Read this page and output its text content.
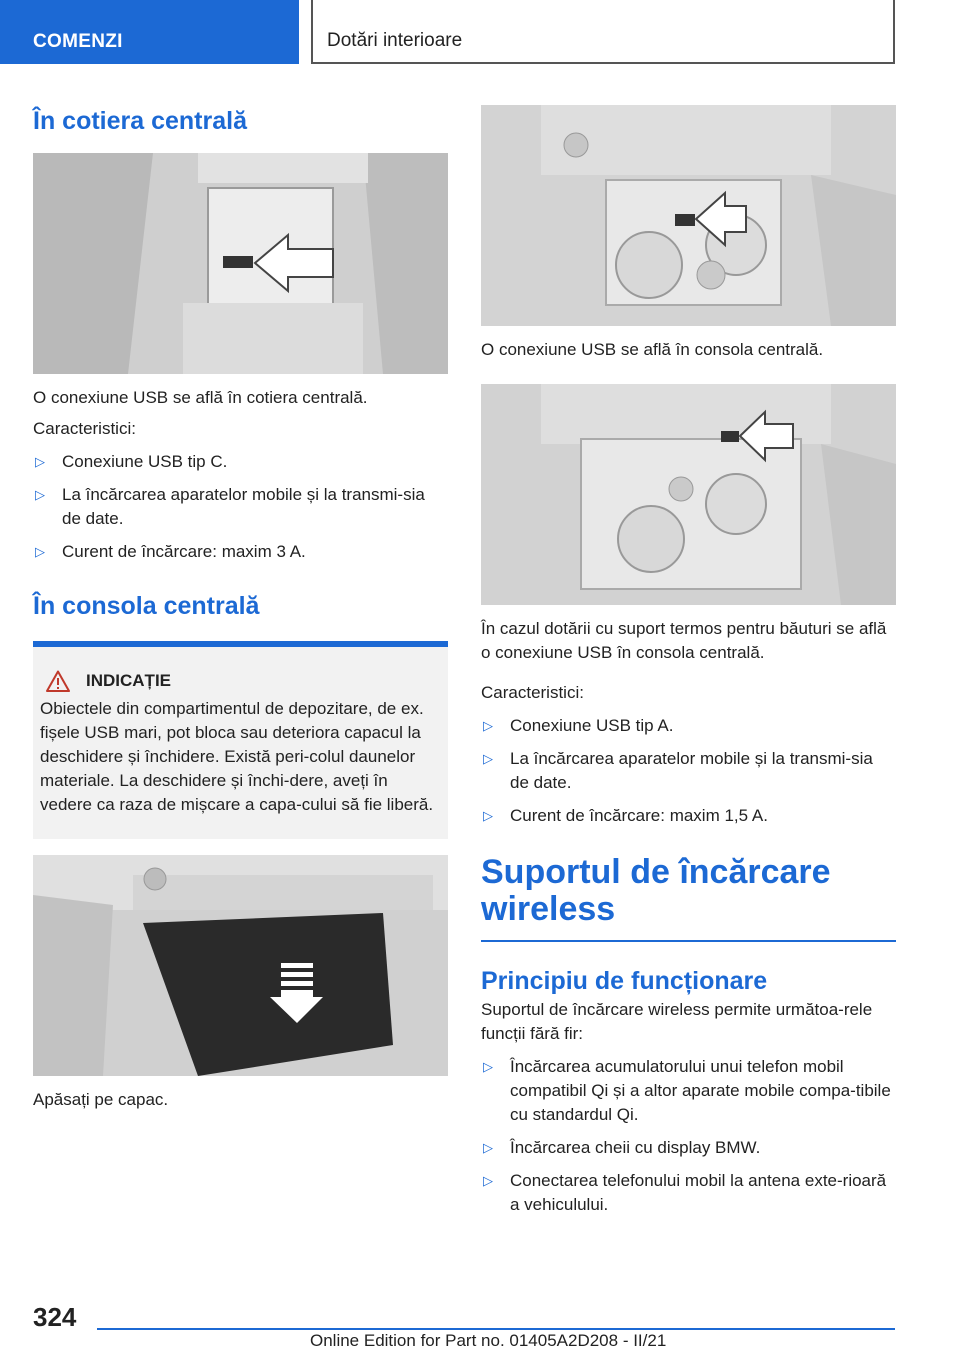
COMENZI	Dotări interioare
În cotiera centrală

O conexiune USB se află în cotiera centrală.

Caracteristici:

▷ Conexiune USB tip C.
▷ La încărcarea aparatelor mobile și la transmi-sia de date.
▷ Curent de încărcare: maxim 3 A.
În consola centrală
INDICAȚIE

Obiectele din compartimentul de depozitare, de ex. fișele USB mari, pot bloca sau deteriora capacul la deschidere și închidere. Există peri-colul daunelor materiale. La deschidere și închi-dere, aveți în vedere ca raza de mișcare a capa-cului să fie liberă.

Apăsați pe capac.

O conexiune USB se află în consola centrală.

În cazul dotării cu suport termos pentru băuturi se află o conexiune USB în consola centrală.

Caracteristici:

▷ Conexiune USB tip A.
▷ La încărcarea aparatelor mobile și la transmi-sia de date.
▷ Curent de încărcare: maxim 1,5 A.
Suportul de încărcare wireless
Principiu de funcționare

Suportul de încărcare wireless permite următoa-rele funcții fără fir:

▷ Încărcarea acumulatorului unui telefon mobil compatibil Qi și a altor aparate mobile compa-tibile cu standardul Qi.
▷ Încărcarea cheii cu display BMW.
▷ Conectarea telefonului mobil la antena exte-rioară a vehiculului.
324
Online Edition for Part no. 01405A2D208 - II/21
